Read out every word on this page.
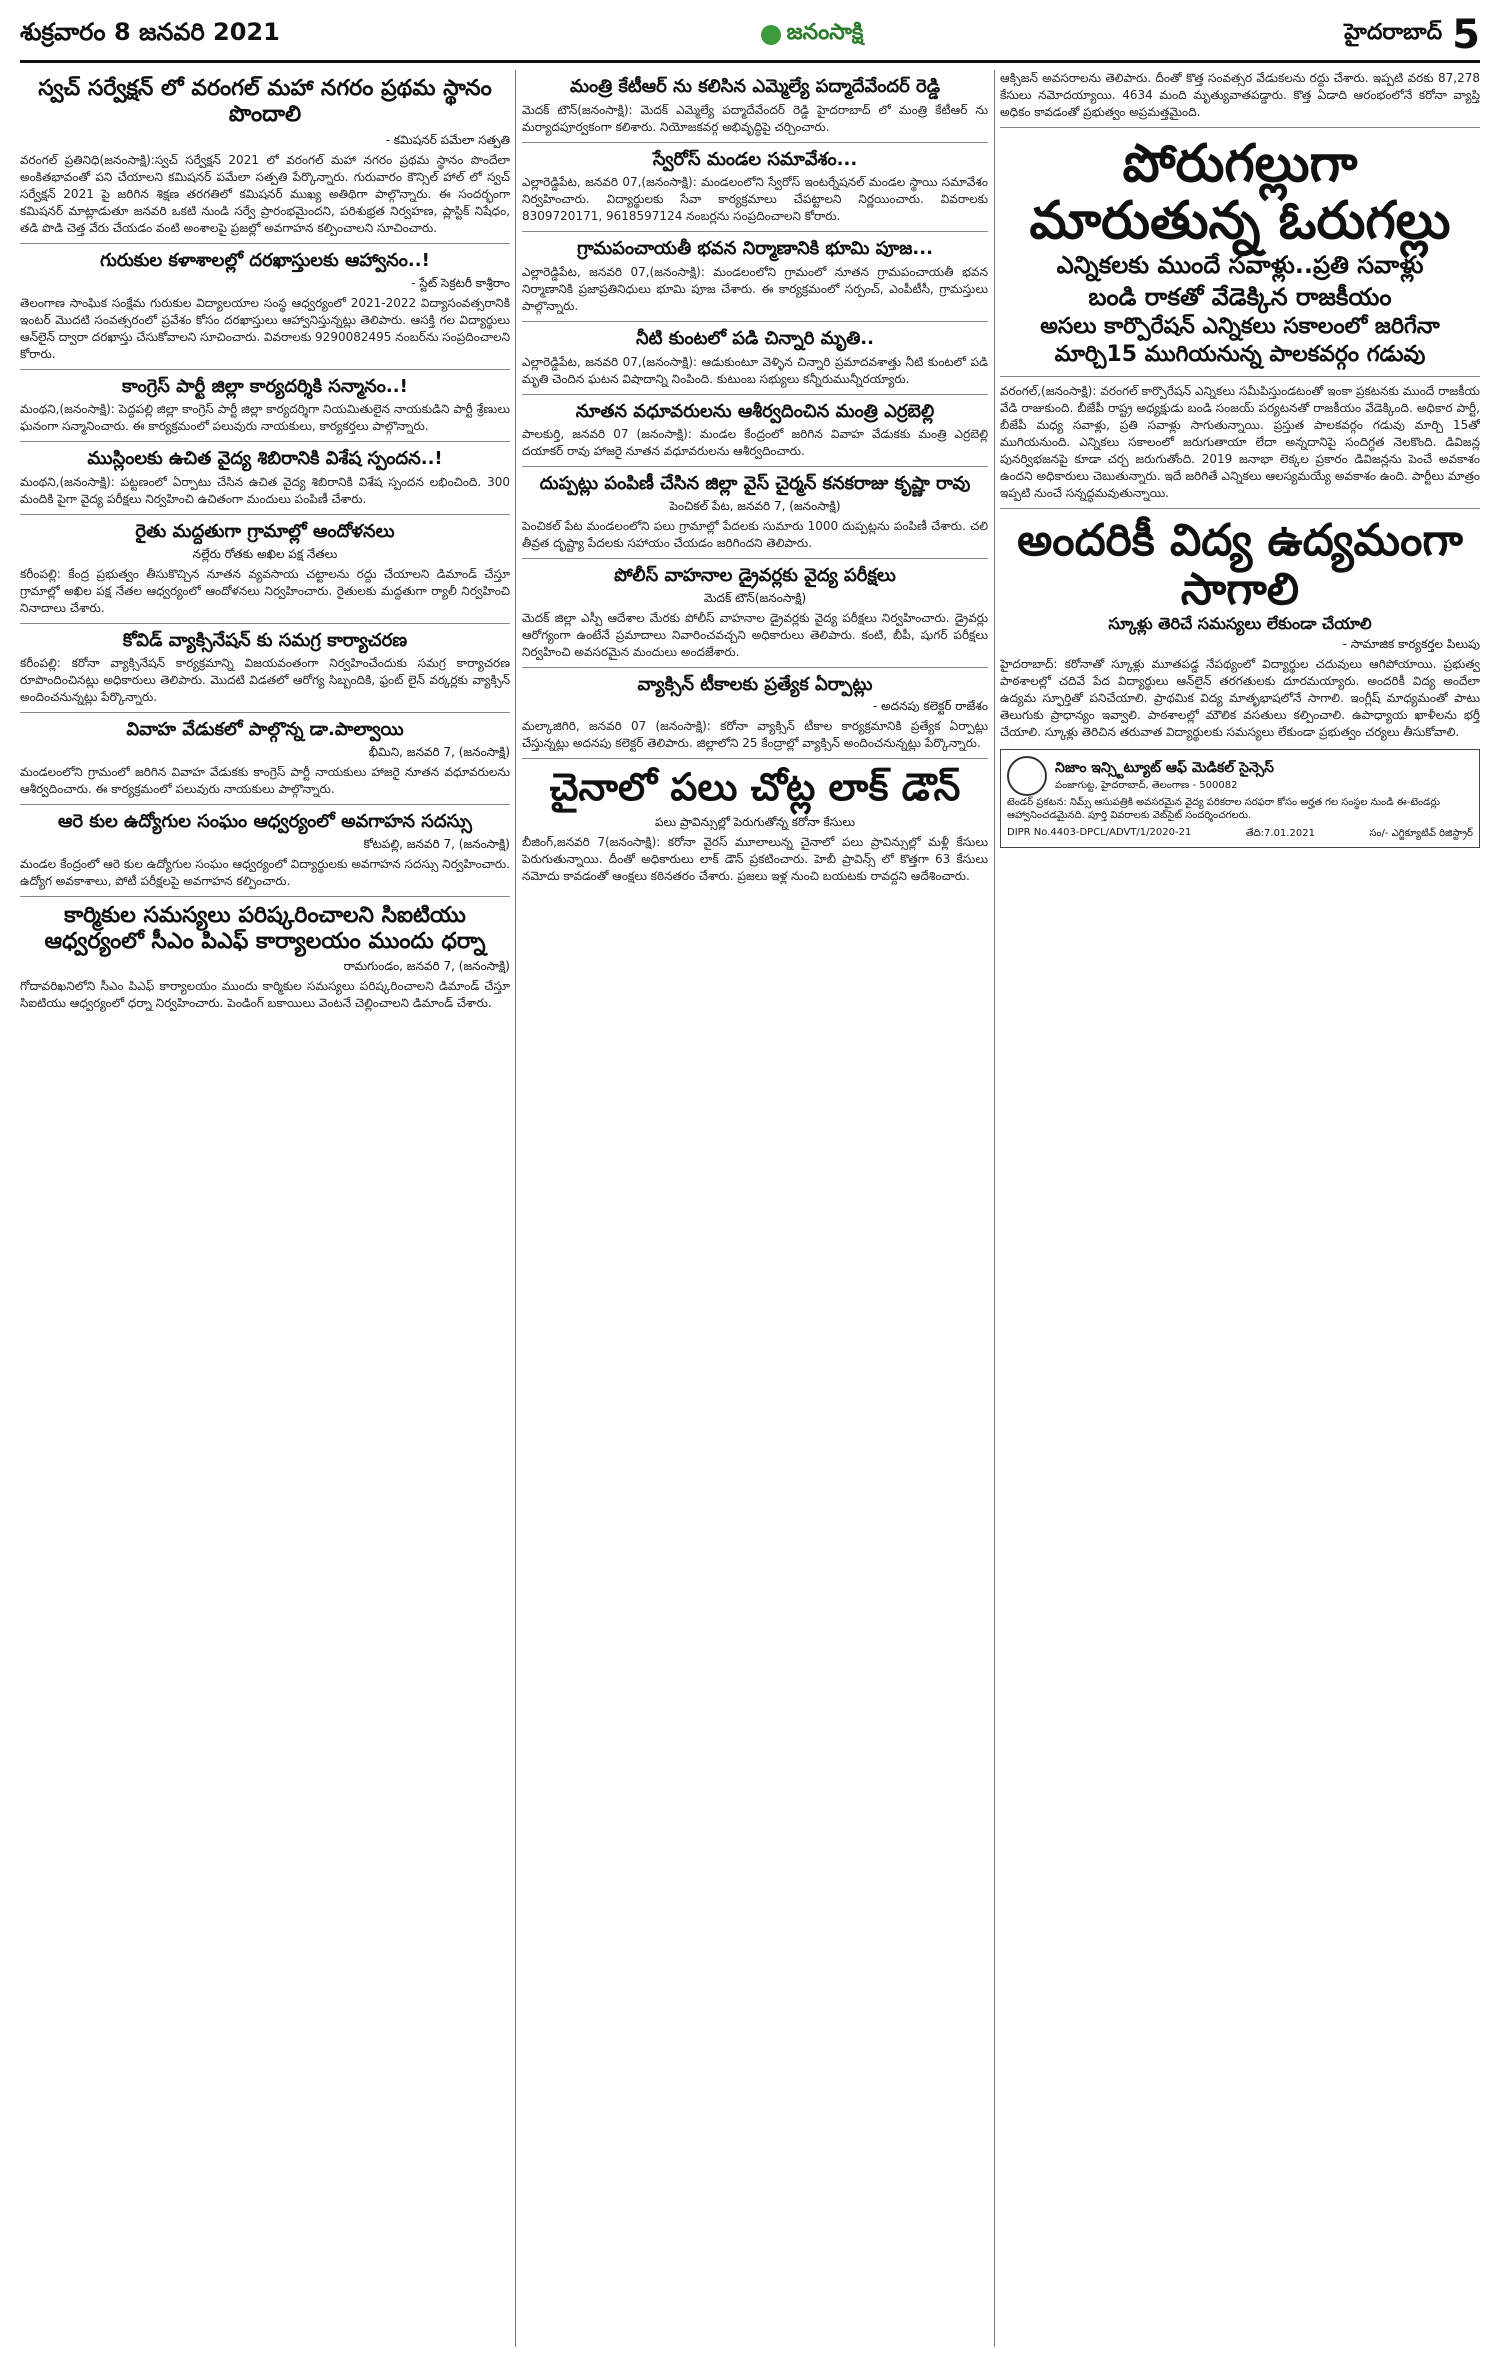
శుక్రవారం 8 జనవరి 2021	జనంసాక్షి	హైదరాబాద్ 5
స్వచ్ సర్వేక్షన్ లో వరంగల్ మహా నగరం ప్రథమ స్థానం పొందాలి
- కమిషనర్ పమేలా సత్పతి
వరంగల్ ప్రతినిధి(జనంసాక్షి):స్వచ్ సర్వేక్షన్ 2021 లో వరంగల్ మహా నగరం ప్రథమ స్థానం పొందేలా అంకితభావంతో పని చేయాలని కమిషనర్ పమేలా సత్పతి పేర్కొన్నారు. గురువారం కౌన్సిల్ హాల్ లో స్వచ్ సర్వేక్షన్ 2021 పై జరిగిన శిక్షణ తరగతిలో కమిషనర్ ముఖ్య అతిథిగా పాల్గొన్నారు. ఈ సందర్భంగా కమిషనర్ మాట్లాడుతూ జనవరి ఒకటి నుండి సర్వే ప్రారంభమైందని, పరిశుభ్రత నిర్వహణ, ప్లాస్టిక్ నిషేధం, తడి పొడి చెత్త వేరు చేయడం వంటి అంశాలపై ప్రజల్లో అవగాహన కల్పించాలని సూచించారు.
గురుకుల కళాశాలల్లో దరఖాస్తులకు ఆహ్వానం..!
- స్టేట్ సెక్రటరీ కాశ్రీరాం
తెలంగాణ సాంఘిక సంక్షేమ గురుకుల విద్యాలయాల సంస్థ ఆధ్వర్యంలో 2021-2022 విద్యాసంవత్సరానికి ఇంటర్ మొదటి సంవత్సరంలో ప్రవేశం కోసం దరఖాస్తులు ఆహ్వానిస్తున్నట్లు తెలిపారు. ఆసక్తి గల విద్యార్థులు ఆన్‌లైన్ ద్వారా దరఖాస్తు చేసుకోవాలని సూచించారు. వివరాలకు 9290082495 నంబర్‌ను సంప్రదించాలని కోరారు.
కాంగ్రెస్ పార్టీ జిల్లా కార్యదర్శికి సన్మానం..!
మంథని,(జనంసాక్షి): పెద్దపల్లి జిల్లా కాంగ్రెస్ పార్టీ జిల్లా కార్యదర్శిగా నియమితులైన నాయకుడిని పార్టీ శ్రేణులు ఘనంగా సన్మానించారు. ఈ కార్యక్రమంలో పలువురు నాయకులు, కార్యకర్తలు పాల్గొన్నారు.
ముస్లింలకు ఉచిత వైద్య శిబిరానికి విశేష స్పందన..!
మంథని,(జనంసాక్షి): పట్టణంలో ఏర్పాటు చేసిన ఉచిత వైద్య శిబిరానికి విశేష స్పందన లభించింది. 300 మందికి పైగా వైద్య పరీక్షలు నిర్వహించి ఉచితంగా మందులు పంపిణీ చేశారు.
రైతు మద్దతుగా గ్రామాల్లో ఆందోళనలు
నల్లేరు రోతకు అఖిల పక్ష నేతలు
కరీంపల్లి: కేంద్ర ప్రభుత్వం తీసుకొచ్చిన నూతన వ్యవసాయ చట్టాలను రద్దు చేయాలని డిమాండ్ చేస్తూ గ్రామాల్లో అఖిల పక్ష నేతల ఆధ్వర్యంలో ఆందోళనలు నిర్వహించారు. రైతులకు మద్దతుగా ర్యాలీ నిర్వహించి నినాదాలు చేశారు.
కోవిడ్ వ్యాక్సినేషన్ కు సమగ్ర కార్యాచరణ
కరీంపల్లి: కరోనా వ్యాక్సినేషన్ కార్యక్రమాన్ని విజయవంతంగా నిర్వహించేందుకు సమగ్ర కార్యాచరణ రూపొందించినట్లు అధికారులు తెలిపారు. మొదటి విడతలో ఆరోగ్య సిబ్బందికి, ఫ్రంట్ లైన్ వర్కర్లకు వ్యాక్సిన్ అందించనున్నట్లు పేర్కొన్నారు.
వివాహ వేడుకలో పాల్గొన్న డా.పాల్వాయి
భీమిని, జనవరి 7, (జనంసాక్షి)
మండలంలోని గ్రామంలో జరిగిన వివాహ వేడుకకు కాంగ్రెస్ పార్టీ నాయకులు హాజరై నూతన వధూవరులను ఆశీర్వదించారు. ఈ కార్యక్రమంలో పలువురు నాయకులు పాల్గొన్నారు.
ఆరె కుల ఉద్యోగుల సంఘం ఆధ్వర్యంలో అవగాహన సదస్సు
కోటపల్లి, జనవరి 7, (జనంసాక్షి)
మండల కేంద్రంలో ఆరె కుల ఉద్యోగుల సంఘం ఆధ్వర్యంలో విద్యార్థులకు అవగాహన సదస్సు నిర్వహించారు. ఉద్యోగ అవకాశాలు, పోటీ పరీక్షలపై అవగాహన కల్పించారు.
కార్మికుల సమస్యలు పరిష్కరించాలని సిఐటియు ఆధ్వర్యంలో సీఎం పిఎఫ్ కార్యాలయం ముందు ధర్నా
రామగుండం, జనవరి 7, (జనంసాక్షి)
గోదావరిఖనిలోని సీఎం పిఎఫ్ కార్యాలయం ముందు కార్మికుల సమస్యలు పరిష్కరించాలని డిమాండ్ చేస్తూ సిఐటియు ఆధ్వర్యంలో ధర్నా నిర్వహించారు. పెండింగ్ బకాయిలు వెంటనే చెల్లించాలని డిమాండ్ చేశారు.
మంత్రి కేటీఆర్ ను కలిసిన ఎమ్మెల్యే పద్మాదేవేందర్ రెడ్డి
మెదక్ టౌన్(జనంసాక్షి): మెదక్ ఎమ్మెల్యే పద్మాదేవేందర్ రెడ్డి హైదరాబాద్ లో మంత్రి కేటీఆర్ ను మర్యాదపూర్వకంగా కలిశారు. నియోజకవర్గ అభివృద్ధిపై చర్చించారు.
స్వేరోస్ మండల సమావేశం...
ఎల్లారెడ్డిపేట, జనవరి 07,(జనంసాక్షి): మండలంలోని స్వేరోస్ ఇంటర్నేషనల్ మండల స్థాయి సమావేశం నిర్వహించారు. విద్యార్థులకు సేవా కార్యక్రమాలు చేపట్టాలని నిర్ణయించారు. వివరాలకు 8309720171, 9618597124 నంబర్లను సంప్రదించాలని కోరారు.
గ్రామపంచాయతీ భవన నిర్మాణానికి భూమి పూజ...
ఎల్లారెడ్డిపేట, జనవరి 07,(జనంసాక్షి): మండలంలోని గ్రామంలో నూతన గ్రామపంచాయతీ భవన నిర్మాణానికి ప్రజాప్రతినిధులు భూమి పూజ చేశారు. ఈ కార్యక్రమంలో సర్పంచ్, ఎంపీటీసీ, గ్రామస్తులు పాల్గొన్నారు.
నీటి కుంటలో పడి చిన్నారి మృతి..
ఎల్లారెడ్డిపేట, జనవరి 07,(జనంసాక్షి): ఆడుకుంటూ వెళ్ళిన చిన్నారి ప్రమాదవశాత్తు నీటి కుంటలో పడి మృతి చెందిన ఘటన విషాదాన్ని నింపింది. కుటుంబ సభ్యులు కన్నీరుమున్నీరయ్యారు.
నూతన వధూవరులను ఆశీర్వదించిన మంత్రి ఎర్రబెల్లి
పాలకుర్తి, జనవరి 07 (జనంసాక్షి): మండల కేంద్రంలో జరిగిన వివాహ వేడుకకు మంత్రి ఎర్రబెల్లి దయాకర్ రావు హాజరై నూతన వధూవరులను ఆశీర్వదించారు.
దుప్పట్లు పంపిణీ చేసిన జిల్లా వైస్ చైర్మన్ కనకరాజు కృష్ణా రావు
పెంచికల్ పేట, జనవరి 7, (జనంసాక్షి)
పెంచికల్ పేట మండలంలోని పలు గ్రామాల్లో పేదలకు సుమారు 1000 దుప్పట్లను పంపిణీ చేశారు. చలి తీవ్రత దృష్ట్యా పేదలకు సహాయం చేయడం జరిగిందని తెలిపారు.
పోలీస్ వాహనాల డ్రైవర్లకు వైద్య పరీక్షలు
మెదక్ టౌన్(జనంసాక్షి)
మెదక్ జిల్లా ఎస్పీ ఆదేశాల మేరకు పోలీస్ వాహనాల డ్రైవర్లకు వైద్య పరీక్షలు నిర్వహించారు. డ్రైవర్లు ఆరోగ్యంగా ఉంటేనే ప్రమాదాలు నివారించవచ్చని అధికారులు తెలిపారు. కంటి, బీపీ, షుగర్ పరీక్షలు నిర్వహించి అవసరమైన మందులు అందజేశారు.
వ్యాక్సిన్ టీకాలకు ప్రత్యేక ఏర్పాట్లు
- అదనపు కలెక్టర్ రాజేశం
మల్కాజిగిరి, జనవరి 07 (జనంసాక్షి): కరోనా వ్యాక్సిన్ టీకాల కార్యక్రమానికి ప్రత్యేక ఏర్పాట్లు చేస్తున్నట్లు అదనపు కలెక్టర్ తెలిపారు. జిల్లాలోని 25 కేంద్రాల్లో వ్యాక్సిన్ అందించనున్నట్లు పేర్కొన్నారు.
చైనాలో పలు చోట్ల లాక్ డౌన్
పలు ప్రావిన్సుల్లో పెరుగుతోన్న కరోనా కేసులు
బీజింగ్,జనవరి 7(జనంసాక్షి): కరోనా వైరస్ మూలాలున్న చైనాలో పలు ప్రావిన్సుల్లో మళ్లీ కేసులు పెరుగుతున్నాయి. దీంతో అధికారులు లాక్ డౌన్ ప్రకటించారు. హెబీ ప్రావిన్స్ లో కొత్తగా 63 కేసులు నమోదు కావడంతో ఆంక్షలు కఠినతరం చేశారు. ప్రజలు ఇళ్ల నుంచి బయటకు రావద్దని ఆదేశించారు.
ఆక్సిజన్ అవసరాలను తెలిపారు. దీంతో కొత్త సంవత్సర వేడుకలను రద్దు చేశారు. ఇప్పటి వరకు 87,278 కేసులు నమోదయ్యాయి. 4634 మంది మృత్యువాతపడ్డారు. కొత్త ఏడాది ఆరంభంలోనే కరోనా వ్యాప్తి అధికం కావడంతో ప్రభుత్వం అప్రమత్తమైంది.
పోరుగల్లుగా మారుతున్న ఓరుగల్లు
ఎన్నికలకు ముందే సవాళ్లు..ప్రతి సవాళ్లు
బండి రాకతో వేడెక్కిన రాజకీయం
అసలు కార్పొరేషన్ ఎన్నికలు సకాలంలో జరిగేనా
మార్చి15 ముగియనున్న పాలకవర్గం గడువు
వరంగల్,(జనంసాక్షి): వరంగల్ కార్పొరేషన్ ఎన్నికలు సమీపిస్తుండటంతో ఇంకా ప్రకటనకు ముందే రాజకీయ వేడి రాజుకుంది. బీజేపీ రాష్ట్ర అధ్యక్షుడు బండి సంజయ్ పర్యటనతో రాజకీయం వేడెక్కింది. అధికార పార్టీ, బీజేపీ మధ్య సవాళ్లు, ప్రతి సవాళ్లు సాగుతున్నాయి. ప్రస్తుత పాలకవర్గం గడువు మార్చి 15తో ముగియనుంది. ఎన్నికలు సకాలంలో జరుగుతాయా లేదా అన్నదానిపై సందిగ్ధత నెలకొంది. డివిజన్ల పునర్విభజనపై కూడా చర్చ జరుగుతోంది. 2019 జనాభా లెక్కల ప్రకారం డివిజన్లను పెంచే అవకాశం ఉందని అధికారులు చెబుతున్నారు. ఇదే జరిగితే ఎన్నికలు ఆలస్యమయ్యే అవకాశం ఉంది. పార్టీలు మాత్రం ఇప్పటి నుంచే సన్నద్ధమవుతున్నాయి.
అందరికీ విద్య ఉద్యమంగా సాగాలి
స్కూళ్లు తెరిచే సమస్యలు లేకుండా చేయాలి
- సామాజిక కార్యకర్తల పిలుపు
హైదరాబాద్: కరోనాతో స్కూళ్లు మూతపడ్డ నేపథ్యంలో విద్యార్థుల చదువులు ఆగిపోయాయి. ప్రభుత్వ పాఠశాలల్లో చదివే పేద విద్యార్థులు ఆన్‌లైన్ తరగతులకు దూరమయ్యారు. అందరికీ విద్య అందేలా ఉద్యమ స్ఫూర్తితో పనిచేయాలి. ప్రాథమిక విద్య మాతృభాషలోనే సాగాలి. ఇంగ్లీష్ మాధ్యమంతో పాటు తెలుగుకు ప్రాధాన్యం ఇవ్వాలి. పాఠశాలల్లో మౌలిక వసతులు కల్పించాలి. ఉపాధ్యాయ ఖాళీలను భర్తీ చేయాలి. స్కూళ్లు తెరిచిన తరువాత విద్యార్థులకు సమస్యలు లేకుండా ప్రభుత్వం చర్యలు తీసుకోవాలి.
నిజాం ఇన్స్టిట్యూట్ ఆఫ్ మెడికల్ సైన్సెస్
పంజాగుట్ట, హైదరాబాద్, తెలంగాణ - 500082
టెండర్ ప్రకటన: నిమ్స్ ఆసుపత్రికి అవసరమైన వైద్య పరికరాల సరఫరా కోసం అర్హత గల సంస్థల నుండి ఈ-టెండర్లు ఆహ్వానించడమైనది. పూర్తి వివరాలకు వెబ్‌సైట్ సందర్శించగలరు.
DIPR No.4403-DPCL/ADVT/1/2020-21	తేది:7.01.2021	సం/- ఎగ్జిక్యూటివ్ రిజిస్ట్రార్
